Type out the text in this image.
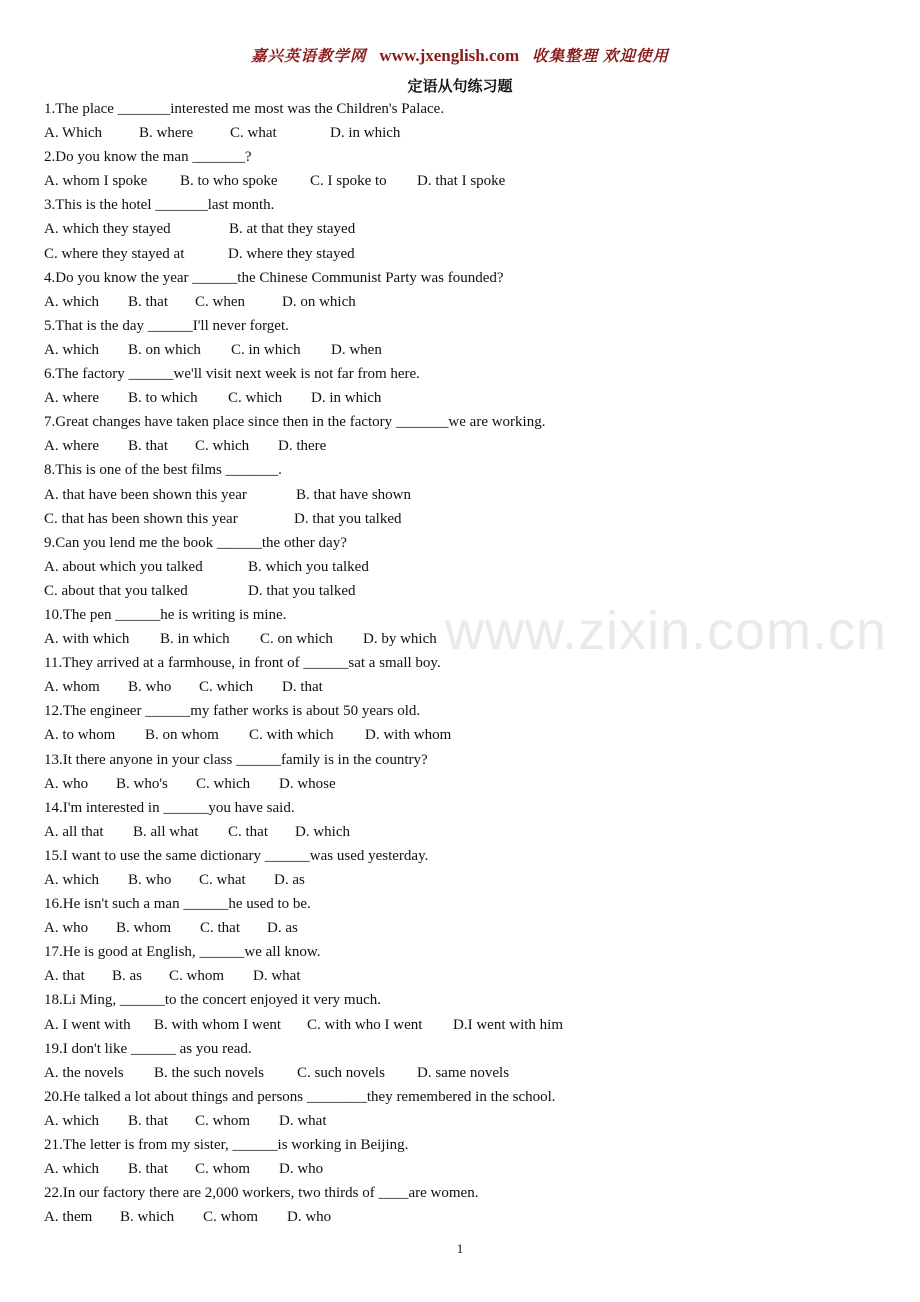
嘉兴英语教学网 www.jxenglish.com 收集整理 欢迎使用
定语从句练习题
1.The place _______interested me most was the Children's Palace.
A. Which B. where C. what	D. in which
2.Do you know the man _______?
A. whom I spoke B. to who spoke C. I spoke to D. that I spoke
3.This is the hotel _______last month.
A. which they stayed	B. at that they stayed
C. where they stayed at	D. where they stayed
4.Do you know the year ______the Chinese Communist Party was founded?
A. which B. that C. when D. on which
5.That is the day ______I'll never forget.
A. which B. on which C. in which D. when
6.The factory ______we'll visit next week is not far from here.
A. where B. to which C. which D. in which
7.Great changes have taken place since then in the factory _______we are working.
A. where B. that C. which D. there
8.This is one of the best films _______.
A. that have been shown this year	B. that have shown
C. that has been shown this year	D. that you talked
9.Can you lend me the book ______the other day?
A. about which you talked	B. which you talked
C. about that you talked	D. that you talked
10.The pen ______he is writing is mine.
A. with which B. in which C. on which D. by which
11.They arrived at a farmhouse, in front of ______sat a small boy.
A. whom B. who C. which D. that
12.The engineer ______my father works is about 50 years old.
A. to whom B. on whom C. with which D. with whom
13.It there anyone in your class ______family is in the country?
A. who B. who's C. which D. whose
14.I'm interested in ______you have said.
A. all that B. all what C. that D. which
15.I want to use the same dictionary ______was used yesterday.
A. which B. who C. what D. as
16.He isn't such a man ______he used to be.
A. who B. whom C. that D. as
17.He is good at English, ______we all know.
A. that B. as C. whom D. what
18.Li Ming, ______to the concert enjoyed it very much.
A. I went with B. with whom I went C. with who I went D.I went with him
19.I don't like ______ as you read.
A. the novels B. the such novels C. such novels D. same novels
20.He talked a lot about things and persons ________they remembered in the school.
A. which B. that C. whom D. what
21.The letter is from my sister, ______is working in Beijing.
A. which B. that C. whom D. who
22.In our factory there are 2,000 workers, two thirds of ____are women.
A. them B. which C. whom D. who
www.zixin.com.cn
1
